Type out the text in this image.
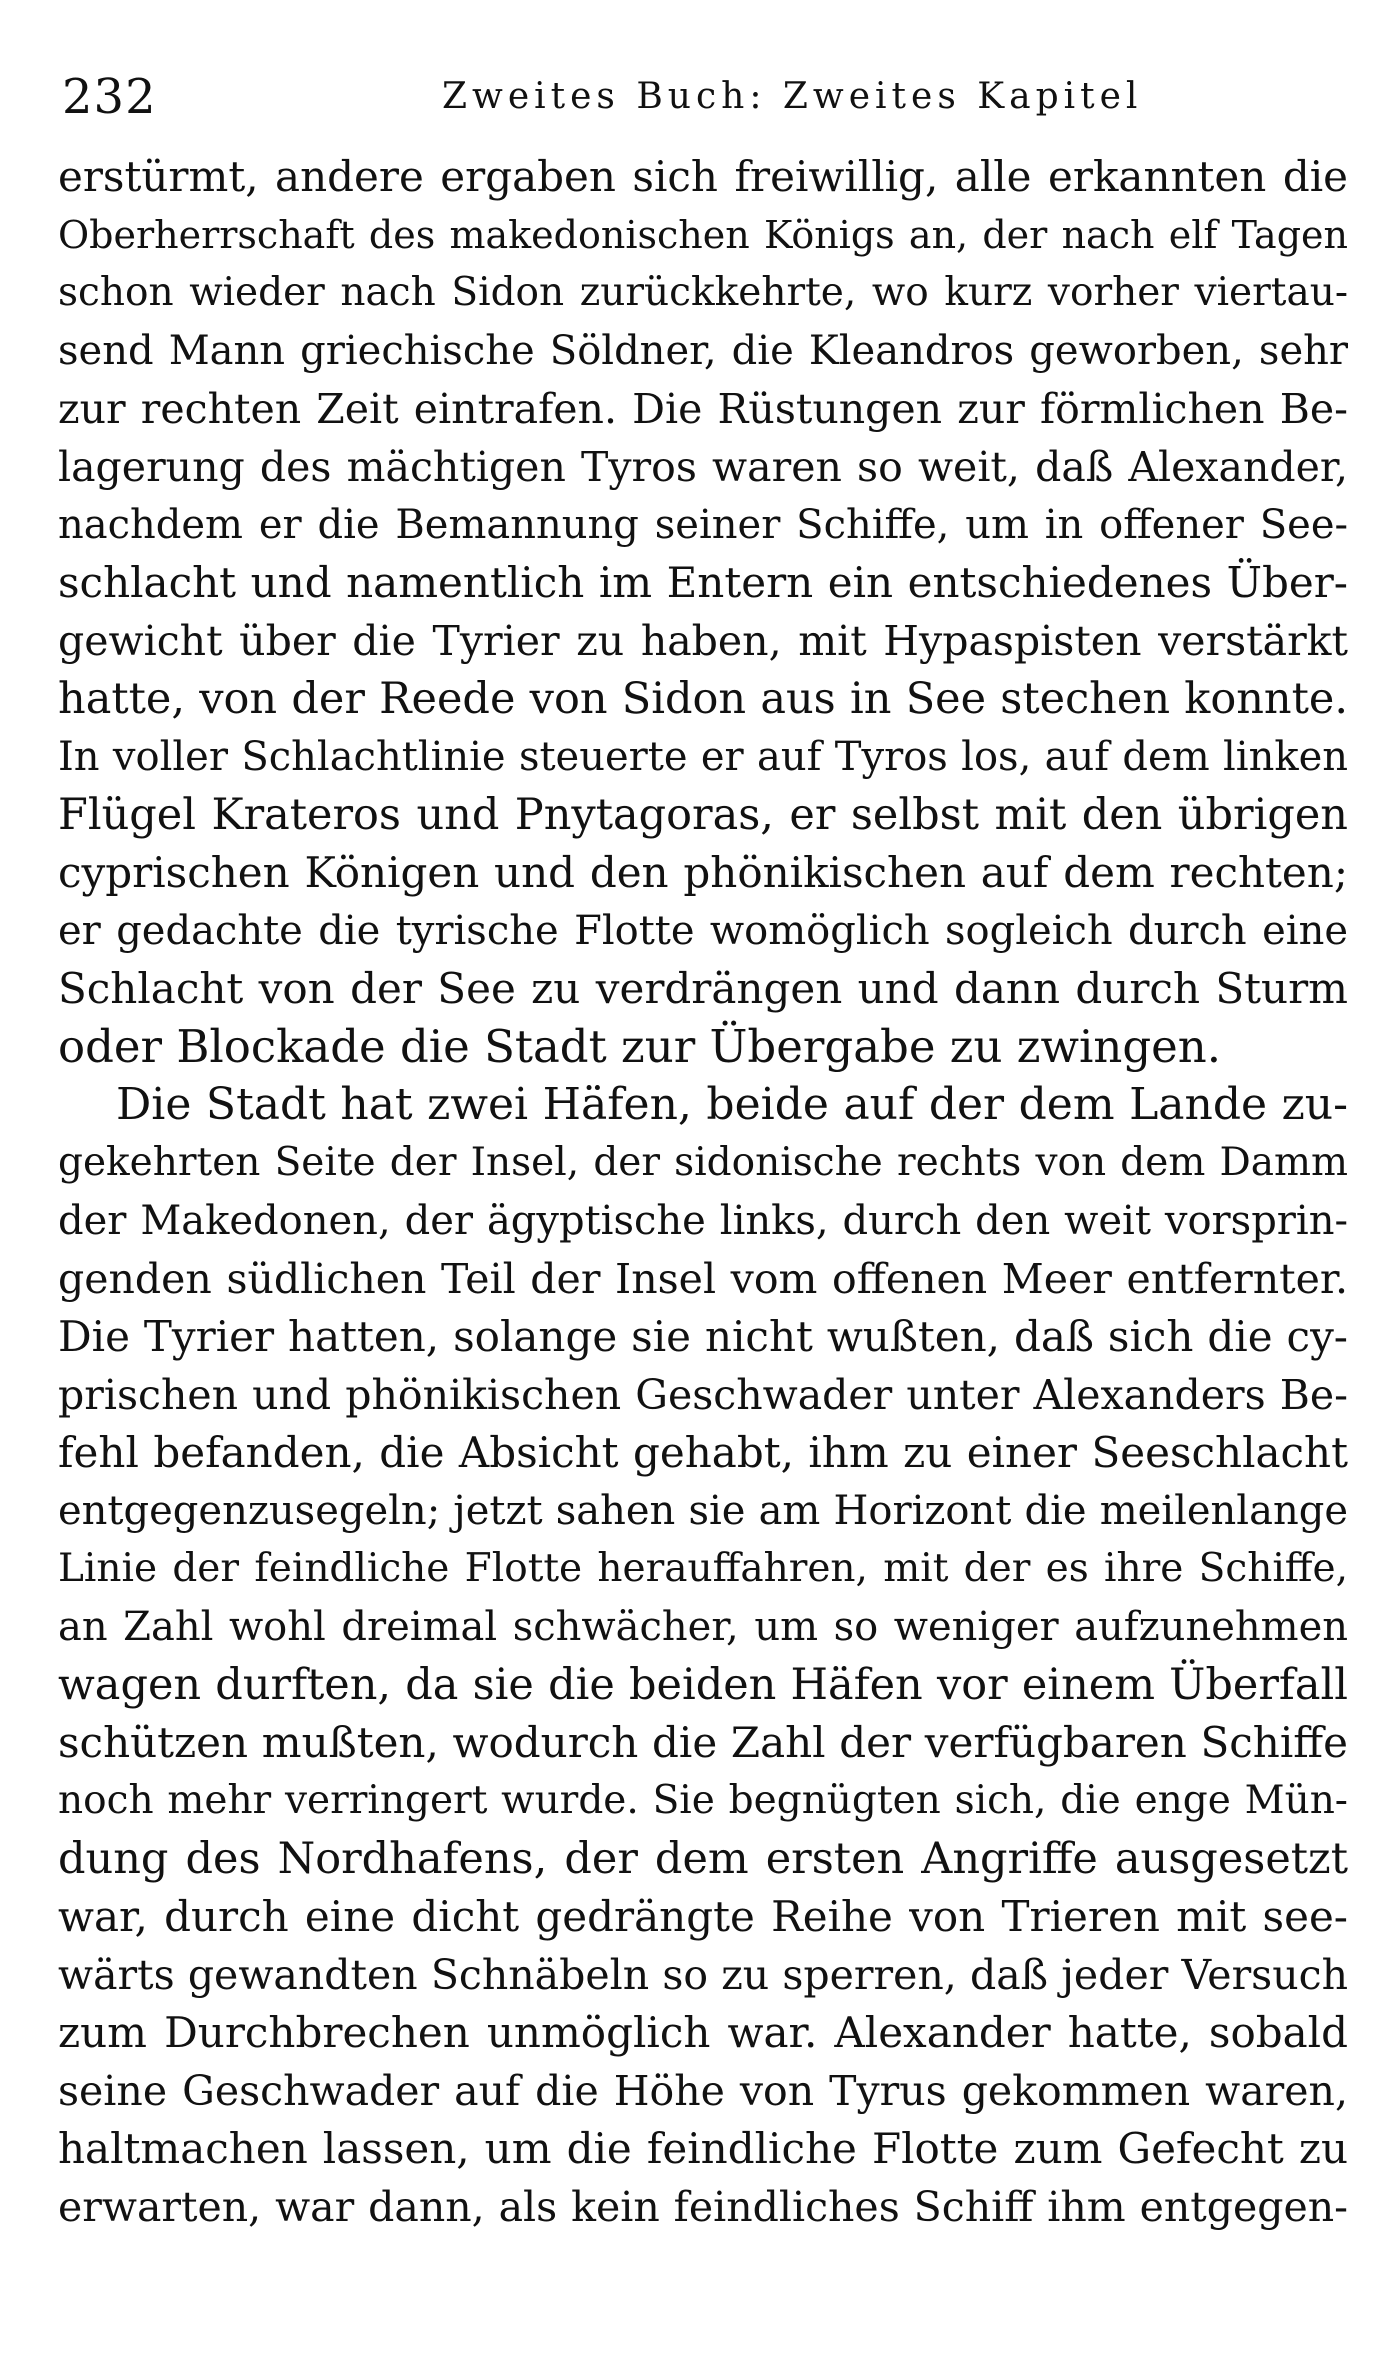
232	Zweites Buch: Zweites Kapitel
erstürmt, andere ergaben sich freiwillig, alle erkannten die
Oberherrschaft des makedonischen Königs an, der nach elf Tagen
schon wieder nach Sidon zurückkehrte, wo kurz vorher viertau-
send Mann griechische Söldner, die Kleandros geworben, sehr
zur rechten Zeit eintrafen. Die Rüstungen zur förmlichen Be-
lagerung des mächtigen Tyros waren so weit, daß Alexander,
nachdem er die Bemannung seiner Schiffe, um in offener See-
schlacht und namentlich im Entern ein entschiedenes Über-
gewicht über die Tyrier zu haben, mit Hypaspisten verstärkt
hatte, von der Reede von Sidon aus in See stechen konnte.
In voller Schlachtlinie steuerte er auf Tyros los, auf dem linken
Flügel Krateros und Pnytagoras, er selbst mit den übrigen
cyprischen Königen und den phönikischen auf dem rechten;
er gedachte die tyrische Flotte womöglich sogleich durch eine
Schlacht von der See zu verdrängen und dann durch Sturm
oder Blockade die Stadt zur Übergabe zu zwingen.
Die Stadt hat zwei Häfen, beide auf der dem Lande zu-
gekehrten Seite der Insel, der sidonische rechts von dem Damm
der Makedonen, der ägyptische links, durch den weit vorsprin-
genden südlichen Teil der Insel vom offenen Meer entfernter.
Die Tyrier hatten, solange sie nicht wußten, daß sich die cy-
prischen und phönikischen Geschwader unter Alexanders Be-
fehl befanden, die Absicht gehabt, ihm zu einer Seeschlacht
entgegenzusegeln; jetzt sahen sie am Horizont die meilenlange
Linie der feindliche Flotte herauffahren, mit der es ihre Schiffe,
an Zahl wohl dreimal schwächer, um so weniger aufzunehmen
wagen durften, da sie die beiden Häfen vor einem Überfall
schützen mußten, wodurch die Zahl der verfügbaren Schiffe
noch mehr verringert wurde. Sie begnügten sich, die enge Mün-
dung des Nordhafens, der dem ersten Angriffe ausgesetzt
war, durch eine dicht gedrängte Reihe von Trieren mit see-
wärts gewandten Schnäbeln so zu sperren, daß jeder Versuch
zum Durchbrechen unmöglich war. Alexander hatte, sobald
seine Geschwader auf die Höhe von Tyrus gekommen waren,
haltmachen lassen, um die feindliche Flotte zum Gefecht zu
erwarten, war dann, als kein feindliches Schiff ihm entgegen-
